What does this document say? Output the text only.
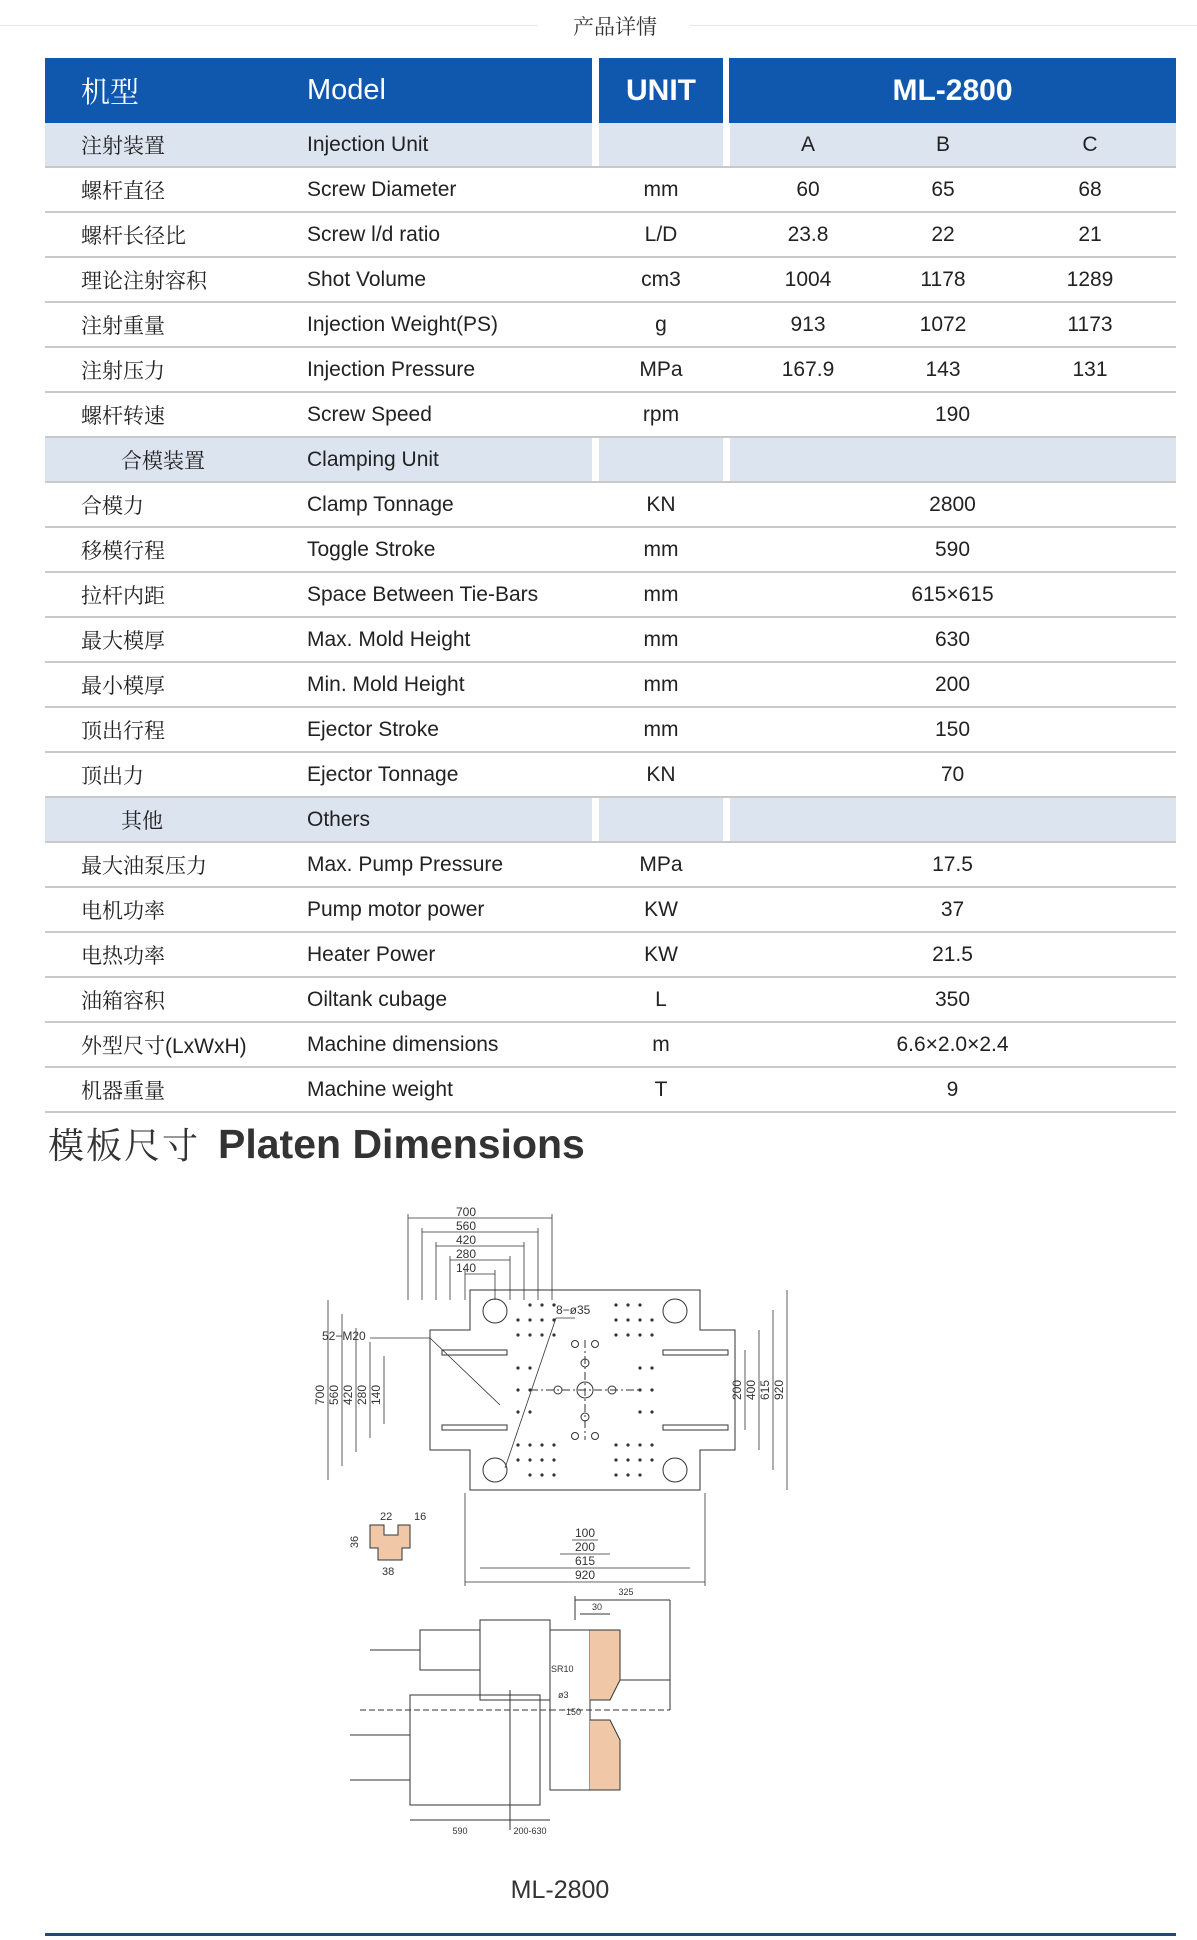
产品详情
机型	Model	UNIT	ML-2800
注射装置	Injection Unit	A	B	C
螺杆直径	Screw Diameter	mm	60	65	68
螺杆长径比	Screw l/d ratio	L/D	23.8	22	21
理论注射容积	Shot Volume	cm3	1004	1178	1289
注射重量	Injection Weight(PS)	g	913	1072	1173
注射压力	Injection Pressure	MPa	167.9	143	131
螺杆转速	Screw Speed	rpm	190
合模装置	Clamping Unit
合模力	Clamp Tonnage	KN	2800
移模行程	Toggle Stroke	mm	590
拉杆内距	Space Between Tie-Bars	mm	615×615
最大模厚	Max. Mold Height	mm	630
最小模厚	Min. Mold Height	mm	200
顶出行程	Ejector Stroke	mm	150
顶出力	Ejector Tonnage	KN	70
其他	Others
最大油泵压力	Max. Pump Pressure	MPa	17.5
电机功率	Pump motor power	KW	37
电热功率	Heater Power	KW	21.5
油箱容积	Oiltank cubage	L	350
外型尺寸(LxWxH)	Machine dimensions	m	6.6×2.0×2.4
机器重量	Machine weight	T	9
模板尺寸 Platen Dimensions
700
560
420
280
140
52−M20
8−ø35
700 560 420 280 140	200 400 615 920
100
200
615
920
22 16
36
38
325
30
SR10
ø3
150
590	200-630
ML-2800
